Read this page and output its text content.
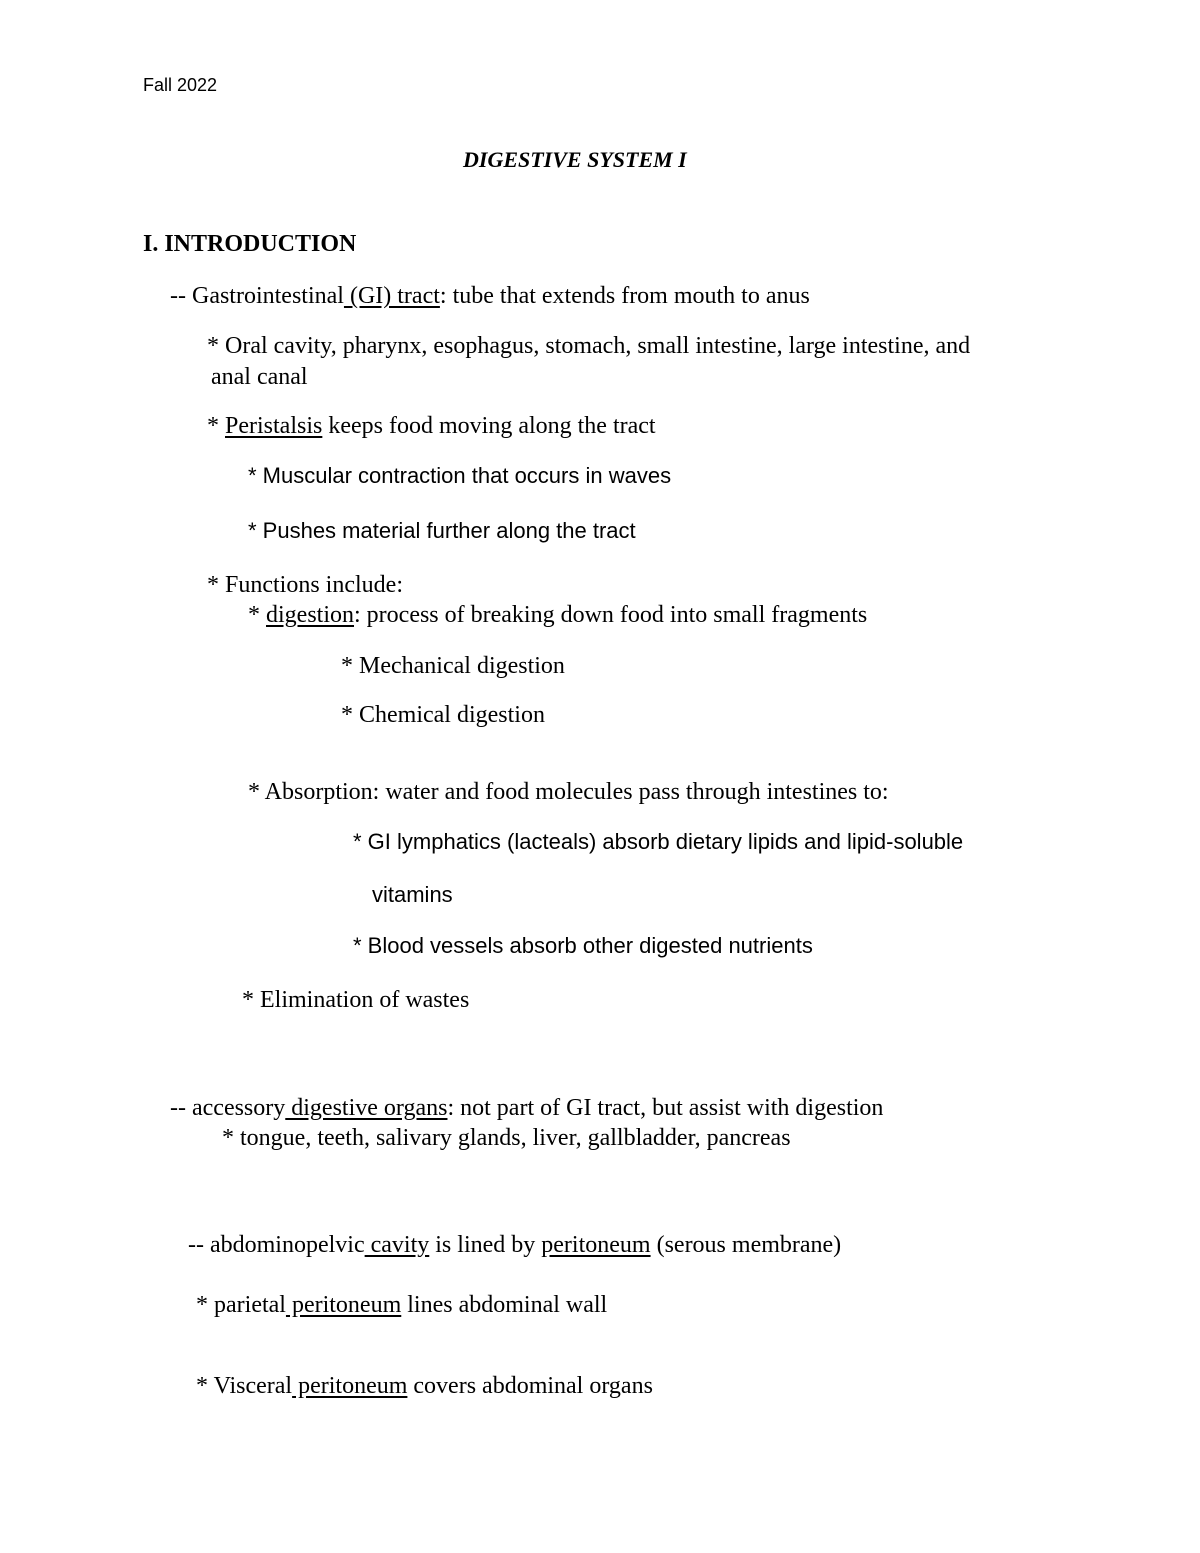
Fall 2022
DIGESTIVE SYSTEM I
I. INTRODUCTION
-- Gastrointestinal (GI) tract: tube that extends from mouth to anus
* Oral cavity, pharynx, esophagus, stomach, small intestine, large intestine, and
anal canal
* Peristalsis keeps food moving along the tract
* Muscular contraction that occurs in waves
* Pushes material further along the tract
* Functions include:
* digestion: process of breaking down food into small fragments
* Mechanical digestion
* Chemical digestion
* Absorption: water and food molecules pass through intestines to:
* GI lymphatics (lacteals) absorb dietary lipids and lipid-soluble
vitamins
* Blood vessels absorb other digested nutrients
* Elimination of wastes
-- accessory digestive organs: not part of GI tract, but assist with digestion
* tongue, teeth, salivary glands, liver, gallbladder, pancreas
-- abdominopelvic cavity is lined by peritoneum (serous membrane)
* parietal peritoneum lines abdominal wall
* Visceral peritoneum covers abdominal organs
